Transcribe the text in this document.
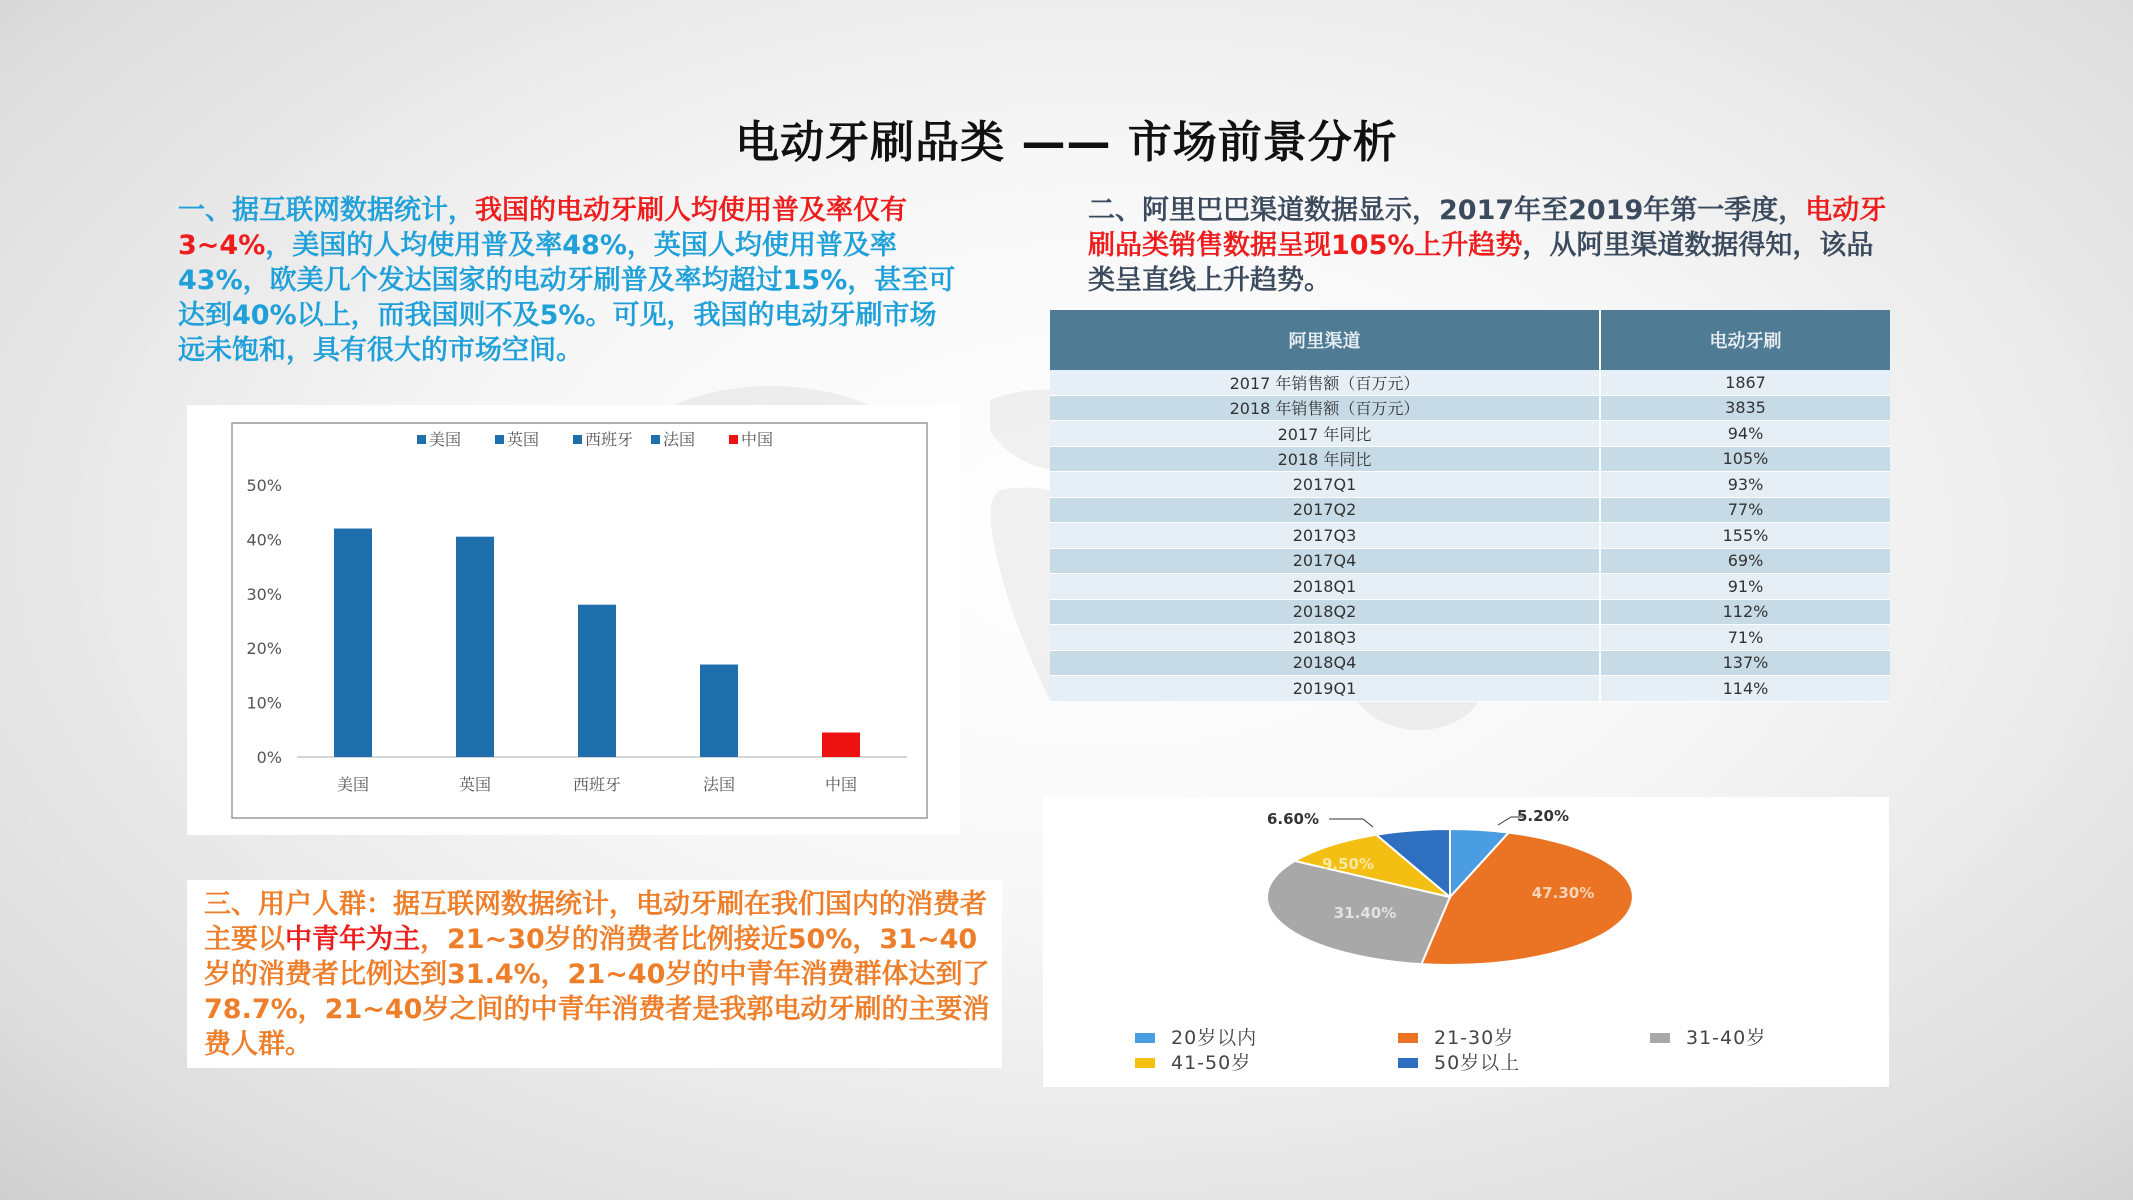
电动牙刷品类 —— 市场前景分析
一、据互联网数据统计，我国的电动牙刷人均使用普及率仅有3~4%，美国的人均使用普及率48%，英国人均使用普及率43%，欧美几个发达国家的电动牙刷普及率均超过15%，甚至可达到40%以上，而我国则不及5%。可见，我国的电动牙刷市场远未饱和，具有很大的市场空间。
二、阿里巴巴渠道数据显示，2017年至2019年第一季度，电动牙刷品类销售数据呈现105%上升趋势，从阿里渠道数据得知，该品类呈直线上升趋势。
三、用户人群：据互联网数据统计，电动牙刷在我们国内的消费者主要以中青年为主，21~30岁的消费者比例接近50%，31~40岁的消费者比例达到31.4%，21~40岁的中青年消费群体达到了78.7%，21~40岁之间的中青年消费者是我郭电动牙刷的主要消费人群。
0%
10%
20%
30%
40%
50%
美国	英国	西班牙	法国	中国
美国	英国	西班牙 法国	中国
阿里渠道	电动牙刷
2017 年销售额（百万元）	1867
2018 年销售额（百万元）	3835
2017 年同比	94%
2018 年同比	105%
2017Q1	93%
2017Q2	77%
2017Q3	155%
2017Q4	69%
2018Q1	91%
2018Q2	112%
2018Q3	71%
2018Q4	137%
2019Q1	114%
5.20%
47.30%
31.40%
9.50%
6.60%
20岁以内	21-30岁	31-40岁
41-50岁	50岁以上
